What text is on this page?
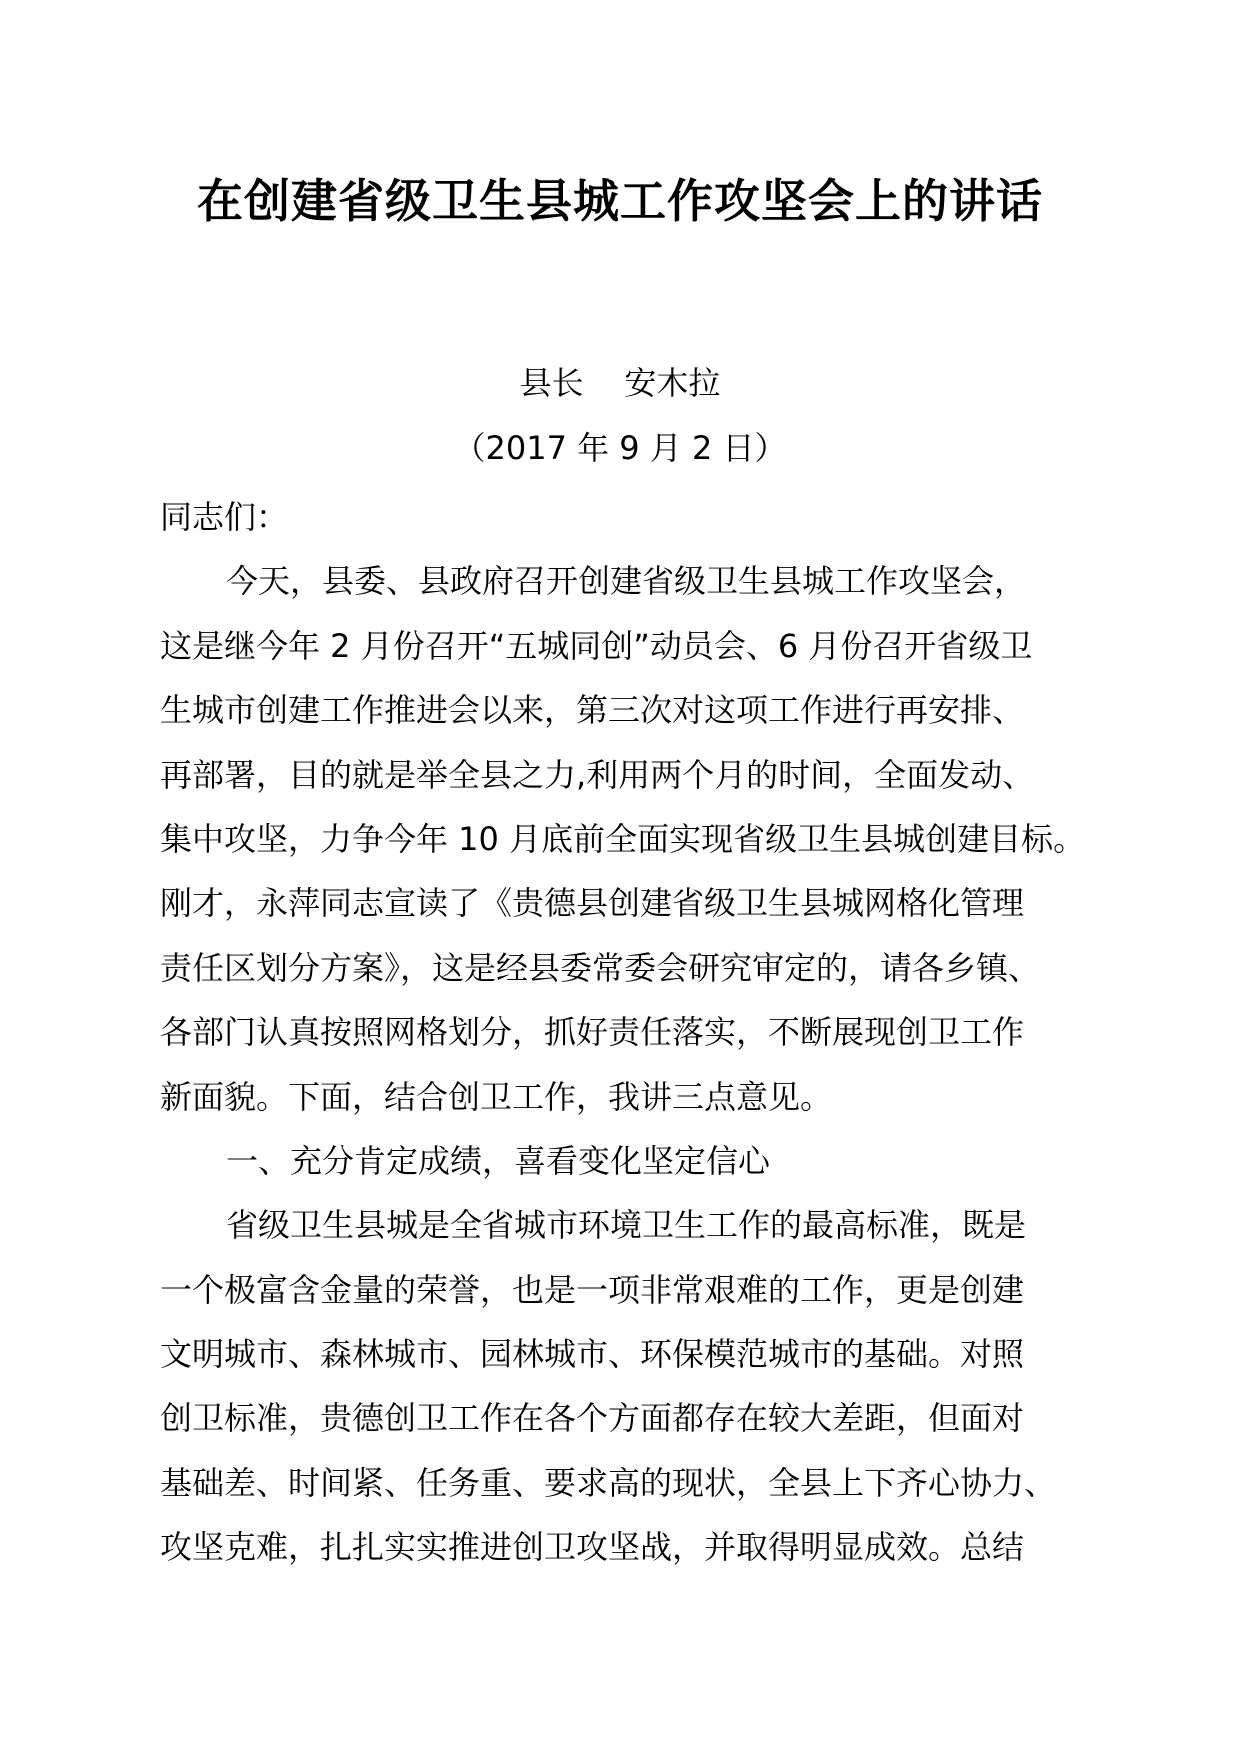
在创建省级卫生县城工作攻坚会上的讲话
县长    安木拉
（2017 年 9 月 2 日）
同志们：
今天，县委、县政府召开创建省级卫生县城工作攻坚会，
这是继今年 2 月份召开“五城同创”动员会、6 月份召开省级卫
生城市创建工作推进会以来，第三次对这项工作进行再安排、
再部署，目的就是举全县之力,利用两个月的时间，全面发动、
集中攻坚，力争今年 10 月底前全面实现省级卫生县城创建目标。
刚才，永萍同志宣读了《贵德县创建省级卫生县城网格化管理
责任区划分方案》，这是经县委常委会研究审定的，请各乡镇、
各部门认真按照网格划分，抓好责任落实，不断展现创卫工作
新面貌。下面，结合创卫工作，我讲三点意见。
一、充分肯定成绩，喜看变化坚定信心
省级卫生县城是全省城市环境卫生工作的最高标准，既是
一个极富含金量的荣誉，也是一项非常艰难的工作，更是创建
文明城市、森林城市、园林城市、环保模范城市的基础。对照
创卫标准，贵德创卫工作在各个方面都存在较大差距，但面对
基础差、时间紧、任务重、要求高的现状，全县上下齐心协力、
攻坚克难，扎扎实实推进创卫攻坚战，并取得明显成效。总结
